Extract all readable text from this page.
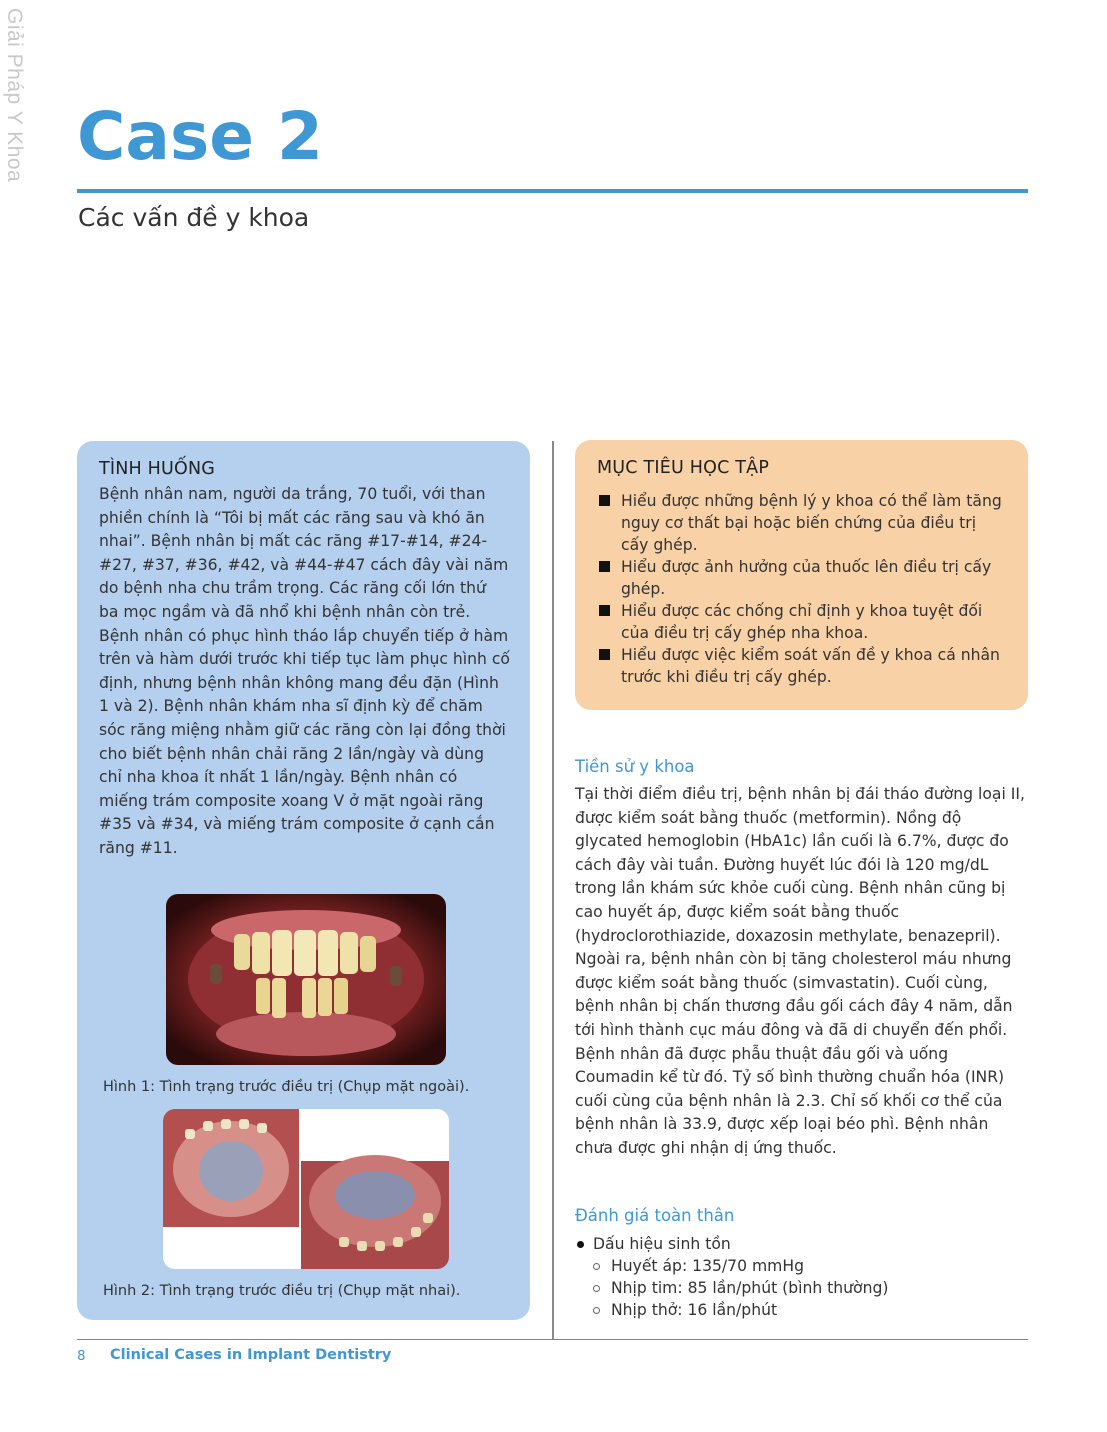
Giải Pháp Y Khoa Case 2
Các vấn đề y khoa
TÌNH HUỐNG

Bệnh nhân nam, người da trắng, 70 tuổi, với than phiền chính là “Tôi bị mất các răng sau và khó ăn nhai”. Bệnh nhân bị mất các răng #17-#14, #24-#27, #37, #36, #42, và #44-#47 cách đây vài năm do bệnh nha chu trầm trọng. Các răng cối lớn thứ ba mọc ngầm và đã nhổ khi bệnh nhân còn trẻ. Bệnh nhân có phục hình tháo lắp chuyển tiếp ở hàm trên và hàm dưới trước khi tiếp tục làm phục hình cố định, nhưng bệnh nhân không mang đều đặn (Hình 1 và 2). Bệnh nhân khám nha sĩ định kỳ để chăm sóc răng miệng nhằm giữ các răng còn lại đồng thời cho biết bệnh nhân chải răng 2 lần/ngày và dùng chỉ nha khoa ít nhất 1 lần/ngày. Bệnh nhân có miếng trám composite xoang V ở mặt ngoài răng #35 và #34, và miếng trám composite ở cạnh cắn răng #11.

Hình 1: Tình trạng trước điều trị (Chụp mặt ngoài).
Hình 2: Tình trạng trước điều trị (Chụp mặt nhai).
MỤC TIÊU HỌC TẬP
Hiểu được những bệnh lý y khoa có thể làm tăng nguy cơ thất bại hoặc biến chứng của điều trị cấy ghép.
Hiểu được ảnh hưởng của thuốc lên điều trị cấy ghép.
Hiểu được các chống chỉ định y khoa tuyệt đối của điều trị cấy ghép nha khoa.
Hiểu được việc kiểm soát vấn đề y khoa cá nhân trước khi điều trị cấy ghép.
Tiền sử y khoa

Tại thời điểm điều trị, bệnh nhân bị đái tháo đường loại II, được kiểm soát bằng thuốc (metformin). Nồng độ glycated hemoglobin (HbA1c) lần cuối là 6.7%, được đo cách đây vài tuần. Đường huyết lúc đói là 120 mg/dL trong lần khám sức khỏe cuối cùng. Bệnh nhân cũng bị cao huyết áp, được kiểm soát bằng thuốc (hydroclorothiazide, doxazosin methylate, benazepril). Ngoài ra, bệnh nhân còn bị tăng cholesterol máu nhưng được kiểm soát bằng thuốc (simvastatin). Cuối cùng, bệnh nhân bị chấn thương đầu gối cách đây 4 năm, dẫn tới hình thành cục máu đông và đã di chuyển đến phổi. Bệnh nhân đã được phẫu thuật đầu gối và uống Coumadin kể từ đó. Tỷ số bình thường chuẩn hóa (INR) cuối cùng của bệnh nhân là 2.3. Chỉ số khối cơ thể của bệnh nhân là 33.9, được xếp loại béo phì. Bệnh nhân chưa được ghi nhận dị ứng thuốc.

Đánh giá toàn thân
Dấu hiệu sinh tồn
Huyết áp: 135/70 mmHg
Nhịp tim: 85 lần/phút (bình thường)
Nhịp thở: 16 lần/phút
8 Clinical Cases in Implant Dentistry
